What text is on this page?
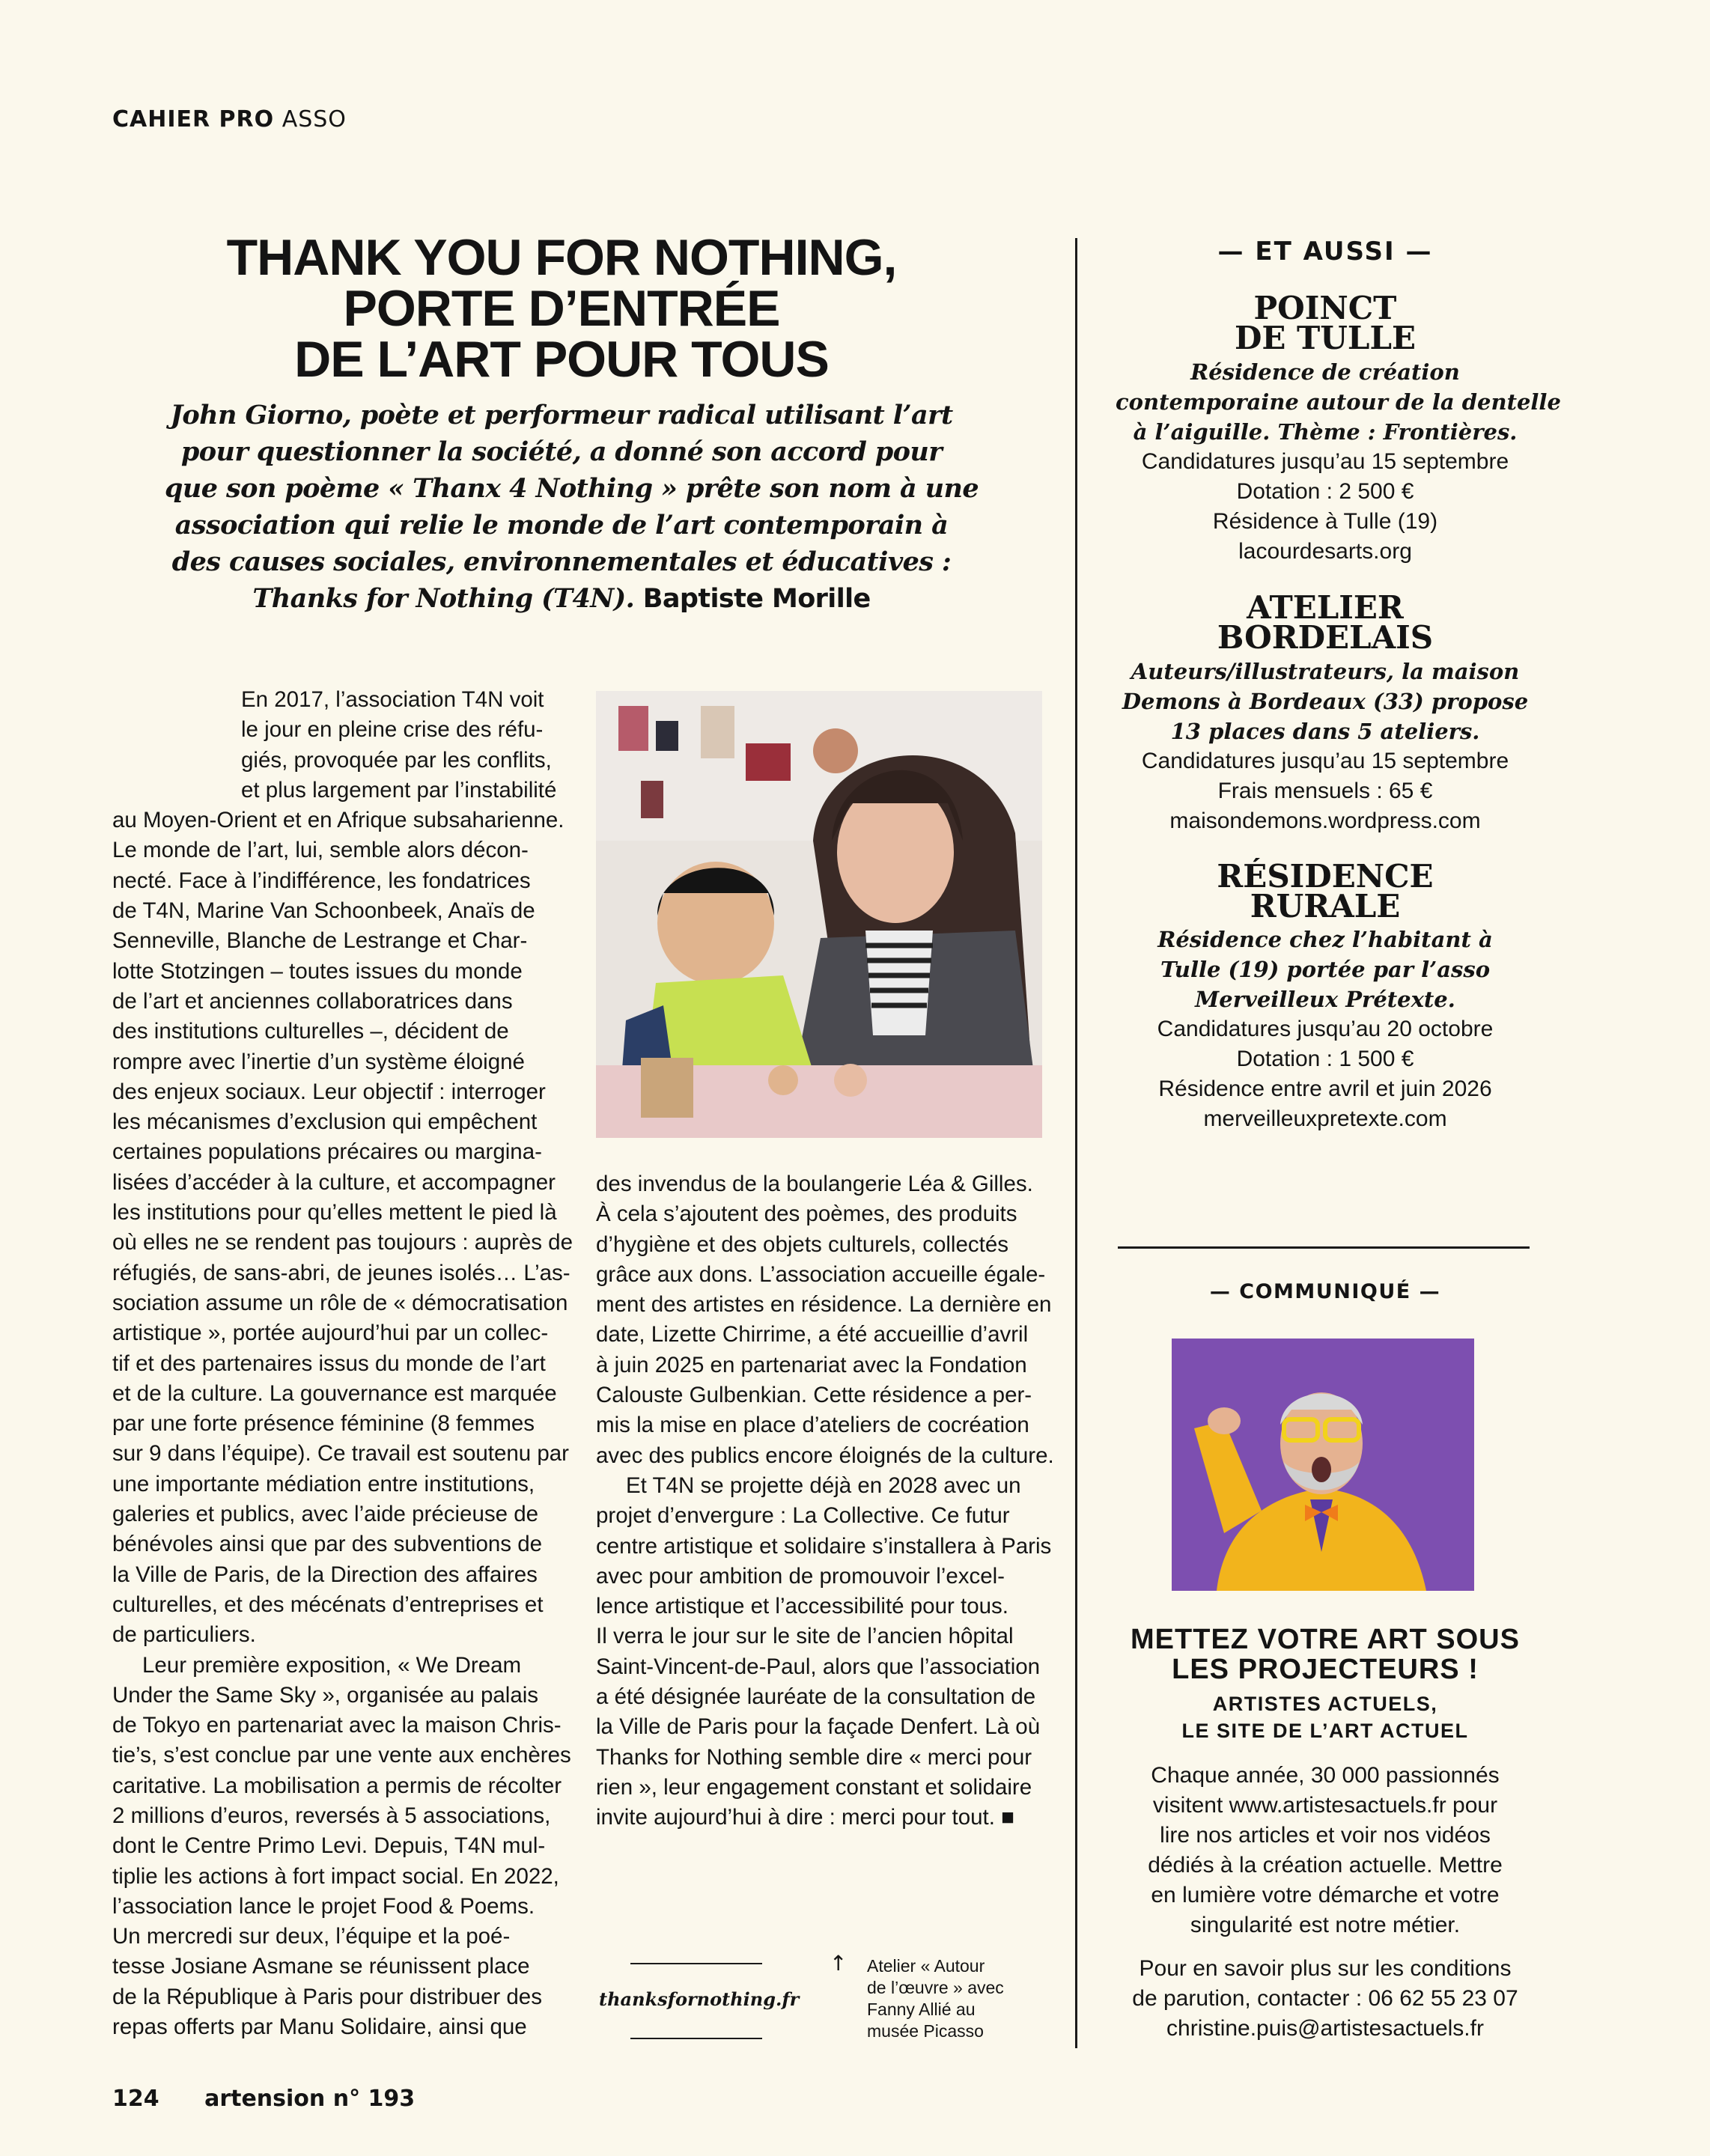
CAHIER PRO ASSO
THANK YOU FOR NOTHING,
PORTE D’ENTRÉE
DE L’ART POUR TOUS
John Giorno, poète et performeur radical utilisant l’art
pour questionner la société, a donné son accord pour
que son poème « Thanx 4 Nothing » prête son nom à une
association qui relie le monde de l’art contemporain à
des causes sociales, environnementales et éducatives :
Thanks for Nothing (T4N). Baptiste Morille
En 2017, l’association T4N voit
le jour en pleine crise des réfu-
giés, provoquée par les conflits,
et plus largement par l’instabilité
au Moyen-Orient et en Afrique subsaharienne.
Le monde de l’art, lui, semble alors décon-
necté. Face à l’indifférence, les fondatrices
de T4N, Marine Van Schoonbeek, Anaïs de
Senneville, Blanche de Lestrange et Char-
lotte Stotzingen – toutes issues du monde
de l’art et anciennes collaboratrices dans
des institutions culturelles –, décident de
rompre avec l’inertie d’un système éloigné
des enjeux sociaux. Leur objectif : interroger
les mécanismes d’exclusion qui empêchent
certaines populations précaires ou margina-
lisées d’accéder à la culture, et accompagner
les institutions pour qu’elles mettent le pied là
où elles ne se rendent pas toujours : auprès de
réfugiés, de sans-abri, de jeunes isolés… L’as-
sociation assume un rôle de « démocratisation
artistique », portée aujourd’hui par un collec-
tif et des partenaires issus du monde de l’art
et de la culture. La gouvernance est marquée
par une forte présence féminine (8 femmes
sur 9 dans l’équipe). Ce travail est soutenu par
une importante médiation entre institutions,
galeries et publics, avec l’aide précieuse de
bénévoles ainsi que par des subventions de
la Ville de Paris, de la Direction des affaires
culturelles, et des mécénats d’entreprises et
de particuliers.
Leur première exposition, « We Dream
Under the Same Sky », organisée au palais
de Tokyo en partenariat avec la maison Chris-
tie’s, s’est conclue par une vente aux enchères
caritative. La mobilisation a permis de récolter
2 millions d’euros, reversés à 5 associations,
dont le Centre Primo Levi. Depuis, T4N mul-
tiplie les actions à fort impact social. En 2022,
l’association lance le projet Food & Poems.
Un mercredi sur deux, l’équipe et la poé-
tesse Josiane Asmane se réunissent place
de la République à Paris pour distribuer des
repas offerts par Manu Solidaire, ainsi que
des invendus de la boulangerie Léa & Gilles.
À cela s’ajoutent des poèmes, des produits
d’hygiène et des objets culturels, collectés
grâce aux dons. L’association accueille égale-
ment des artistes en résidence. La dernière en
date, Lizette Chirrime, a été accueillie d’avril
à juin 2025 en partenariat avec la Fondation
Calouste Gulbenkian. Cette résidence a per-
mis la mise en place d’ateliers de cocréation
avec des publics encore éloignés de la culture.
Et T4N se projette déjà en 2028 avec un
projet d’envergure : La Collective. Ce futur
centre artistique et solidaire s’installera à Paris
avec pour ambition de promouvoir l’excel-
lence artistique et l’accessibilité pour tous.
Il verra le jour sur le site de l’ancien hôpital
Saint-Vincent-de-Paul, alors que l’association
a été désignée lauréate de la consultation de
la Ville de Paris pour la façade Denfert. Là où
Thanks for Nothing semble dire « merci pour
rien », leur engagement constant et solidaire
invite aujourd’hui à dire : merci pour tout. ■
thanksfornothing.fr
↑ Atelier « Autour
de l’œuvre » avec
Fanny Allié au
musée Picasso
— ET AUSSI —
POINCT
DE TULLE
Résidence de création
contemporaine autour de la dentelle
à l’aiguille. Thème : Frontières.
Candidatures jusqu’au 15 septembre
Dotation : 2 500 €
Résidence à Tulle (19)
lacourdesarts.org
ATELIER
BORDELAIS
Auteurs/illustrateurs, la maison
Demons à Bordeaux (33) propose
13 places dans 5 ateliers.
Candidatures jusqu’au 15 septembre
Frais mensuels : 65 €
maisondemons.wordpress.com
RÉSIDENCE
RURALE
Résidence chez l’habitant à
Tulle (19) portée par l’asso
Merveilleux Prétexte.
Candidatures jusqu’au 20 octobre
Dotation : 1 500 €
Résidence entre avril et juin 2026
merveilleuxpretexte.com
— COMMUNIQUÉ —
METTEZ VOTRE ART SOUS
LES PROJECTEURS !
ARTISTES ACTUELS,
LE SITE DE L’ART ACTUEL
Chaque année, 30 000 passionnés
visitent www.artistesactuels.fr pour
lire nos articles et voir nos vidéos
dédiés à la création actuelle. Mettre
en lumière votre démarche et votre
singularité est notre métier.
Pour en savoir plus sur les conditions
de parution, contacter : 06 62 55 23 07
christine.puis@artistesactuels.fr
124 artension n° 193
